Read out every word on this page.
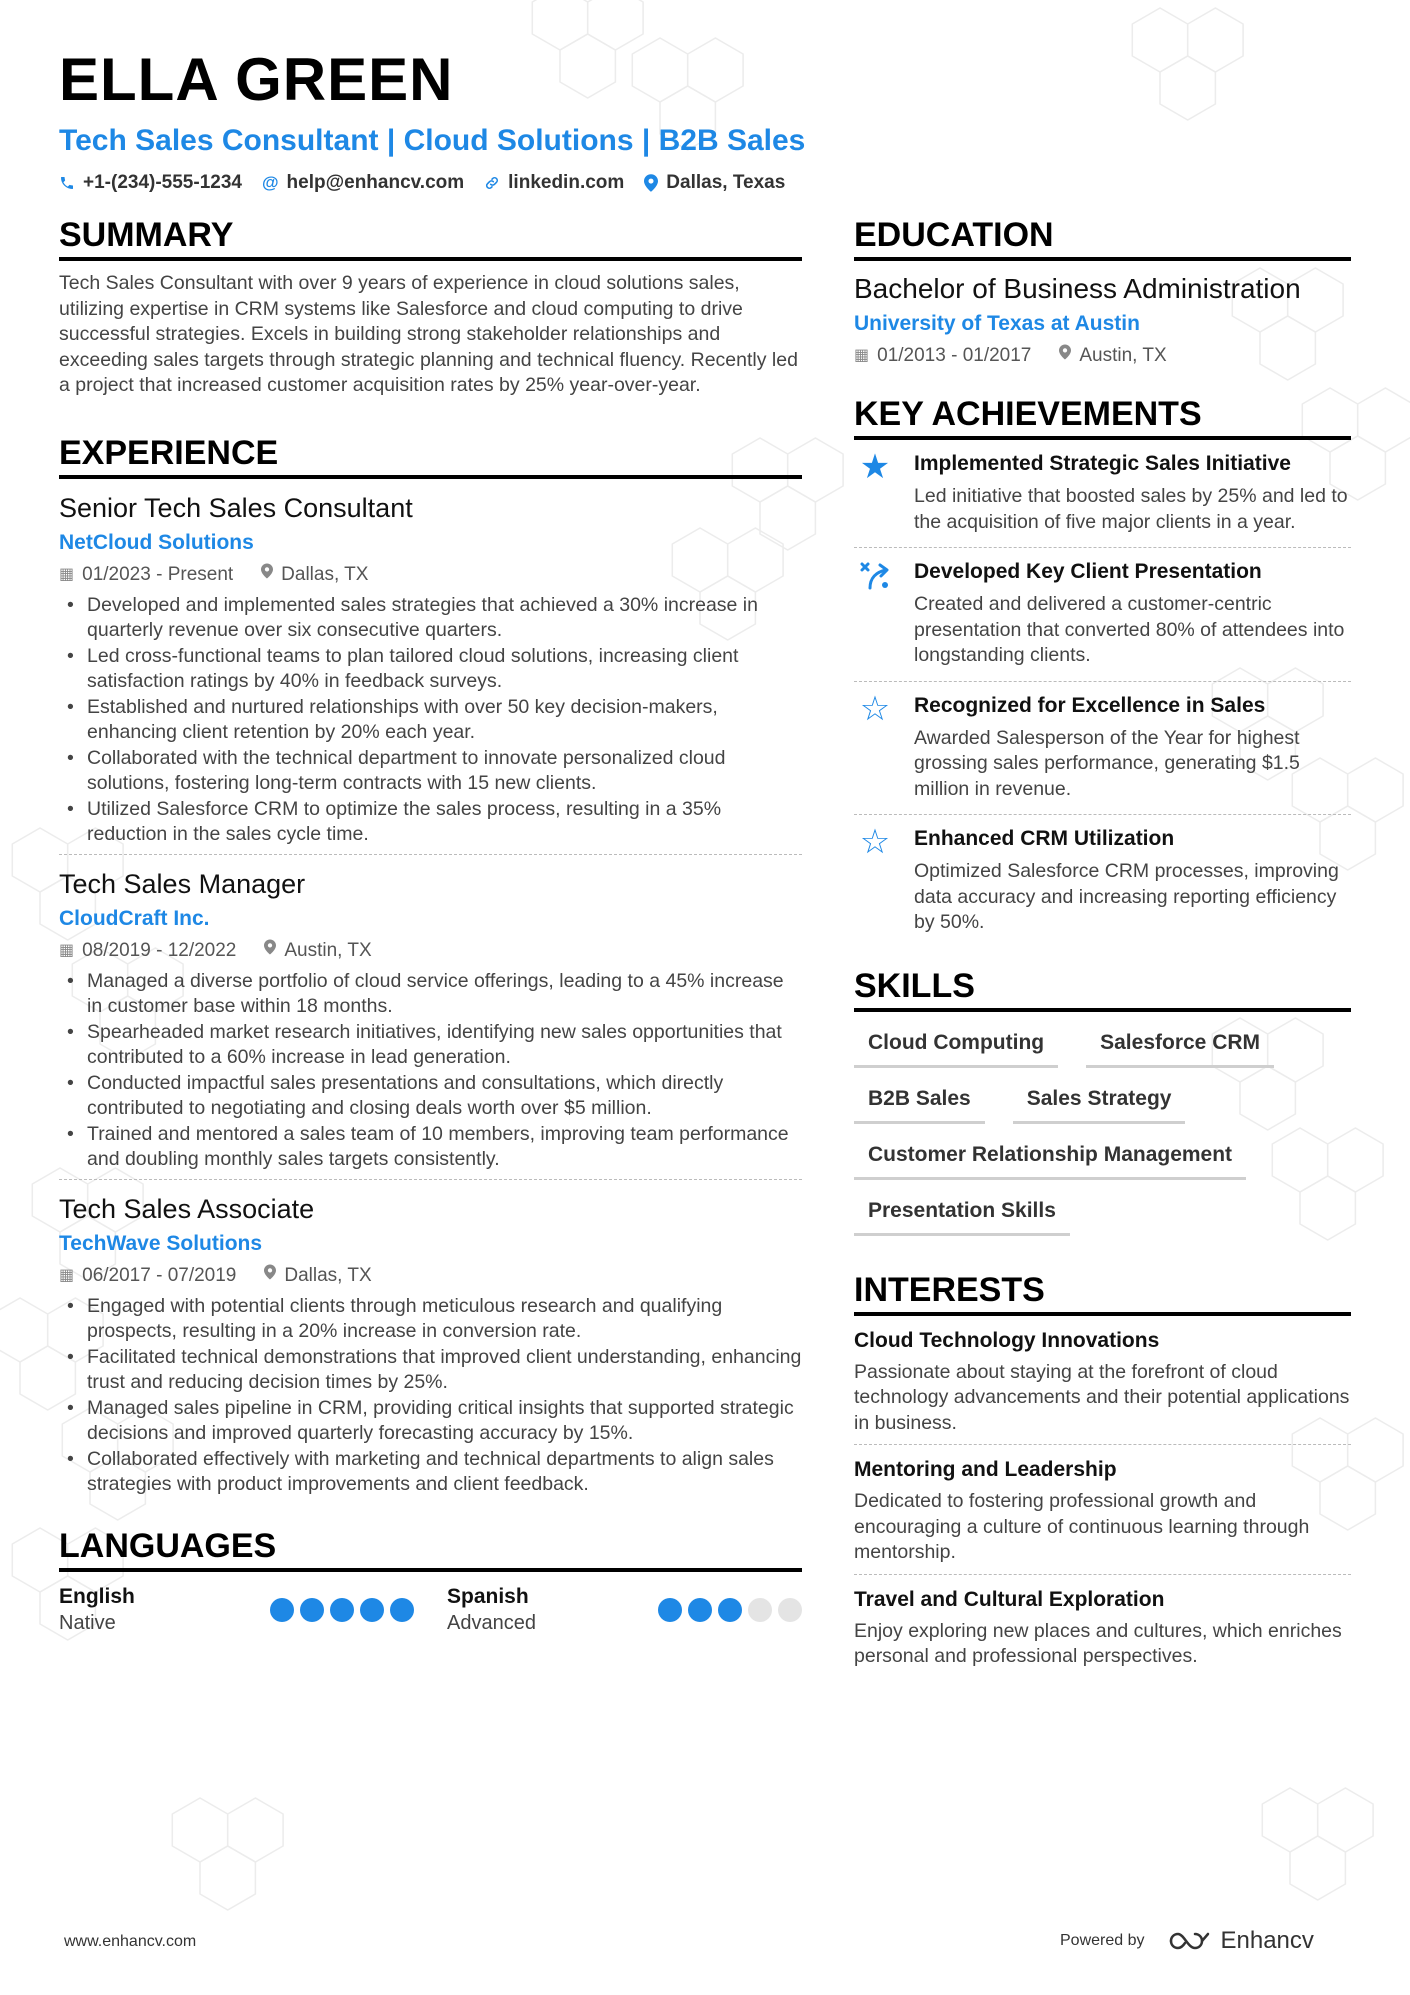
ELLA GREEN
Tech Sales Consultant | Cloud Solutions | B2B Sales
+1-(234)-555-1234 @ help@enhancv.com linkedin.com Dallas, Texas
SUMMARY
Tech Sales Consultant with over 9 years of experience in cloud solutions sales, utilizing expertise in CRM systems like Salesforce and cloud computing to drive successful strategies. Excels in building strong stakeholder relationships and exceeding sales targets through strategic planning and technical fluency. Recently led a project that increased customer acquisition rates by 25% year-over-year.
EXPERIENCE
Senior Tech Sales Consultant
NetCloud Solutions
▦ 01/2023 - Present	Dallas, TX
• Developed and implemented sales strategies that achieved a 30% increase in quarterly revenue over six consecutive quarters.
• Led cross-functional teams to plan tailored cloud solutions, increasing client satisfaction ratings by 40% in feedback surveys.
• Established and nurtured relationships with over 50 key decision-makers, enhancing client retention by 20% each year.
• Collaborated with the technical department to innovate personalized cloud solutions, fostering long-term contracts with 15 new clients.
• Utilized Salesforce CRM to optimize the sales process, resulting in a 35% reduction in the sales cycle time.
Tech Sales Manager
CloudCraft Inc.
▦ 08/2019 - 12/2022	Austin, TX
• Managed a diverse portfolio of cloud service offerings, leading to a 45% increase in customer base within 18 months.
• Spearheaded market research initiatives, identifying new sales opportunities that contributed to a 60% increase in lead generation.
• Conducted impactful sales presentations and consultations, which directly contributed to negotiating and closing deals worth over $5 million.
• Trained and mentored a sales team of 10 members, improving team performance and doubling monthly sales targets consistently.
Tech Sales Associate
TechWave Solutions
▦ 06/2017 - 07/2019	Dallas, TX
• Engaged with potential clients through meticulous research and qualifying prospects, resulting in a 20% increase in conversion rate.
• Facilitated technical demonstrations that improved client understanding, enhancing trust and reducing decision times by 25%.
• Managed sales pipeline in CRM, providing critical insights that supported strategic decisions and improved quarterly forecasting accuracy by 15%.
• Collaborated effectively with marketing and technical departments to align sales strategies with product improvements and client feedback.
LANGUAGES
English
Native
Spanish
Advanced
EDUCATION
Bachelor of Business Administration
University of Texas at Austin
▦ 01/2013 - 01/2017	Austin, TX
KEY ACHIEVEMENTS
★ Implemented Strategic Sales Initiative
Led initiative that boosted sales by 25% and led to the acquisition of five major clients in a year.
Developed Key Client Presentation
Created and delivered a customer-centric presentation that converted 80% of attendees into longstanding clients.
☆ Recognized for Excellence in Sales
Awarded Salesperson of the Year for highest grossing sales performance, generating $1.5 million in revenue.
☆ Enhanced CRM Utilization
Optimized Salesforce CRM processes, improving data accuracy and increasing reporting efficiency by 50%.
SKILLS
Cloud Computing	Salesforce CRM
B2B Sales	Sales Strategy
Customer Relationship Management
Presentation Skills
INTERESTS
Cloud Technology Innovations
Passionate about staying at the forefront of cloud technology advancements and their potential applications in business.
Mentoring and Leadership
Dedicated to fostering professional growth and encouraging a culture of continuous learning through mentorship.
Travel and Cultural Exploration
Enjoy exploring new places and cultures, which enriches personal and professional perspectives.
www.enhancv.com	Powered by	Enhancv
